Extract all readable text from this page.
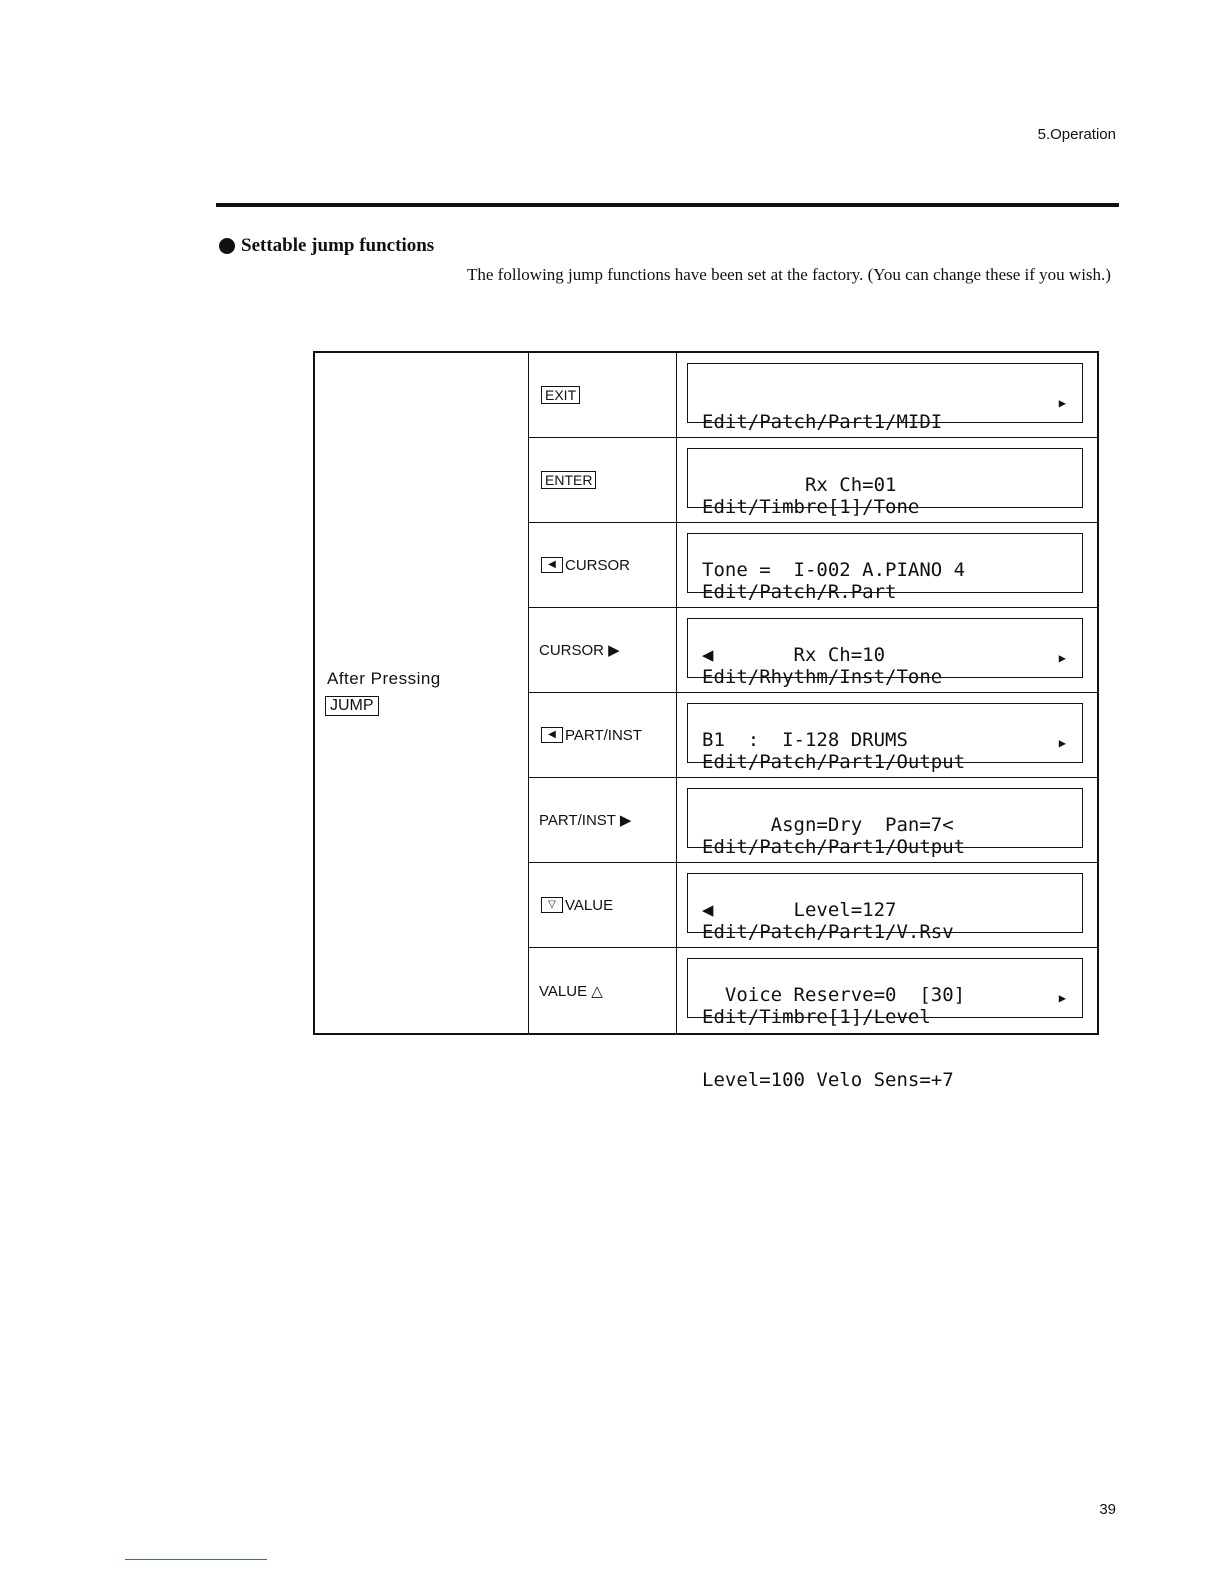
5.Operation
Settable jump functions
The following jump functions have been set at the factory. (You can change these if you wish.)
After Pressing
JUMP
EXIT

Edit/Patch/Part1/MIDI

Rx Ch=01

▶

ENTER

Edit/Timbre[1]/Tone

Tone =  I-002 A.PIANO 4

◀ CURSOR

Edit/Patch/R.Part

◀       Rx Ch=10

CURSOR ▶

Edit/Rhythm/Inst/Tone

B1  :  I-128 DRUMS

▶

◀ PART/INST

Edit/Patch/Part1/Output

Asgn=Dry  Pan=7<

▶

PART/INST ▶

Edit/Patch/Part1/Output

◀       Level=127

▽ VALUE

Edit/Patch/Part1/V.Rsv

Voice Reserve=0  [30]

VALUE △

Edit/Timbre[1]/Level

Level=100 Velo Sens=+7

▶

39
